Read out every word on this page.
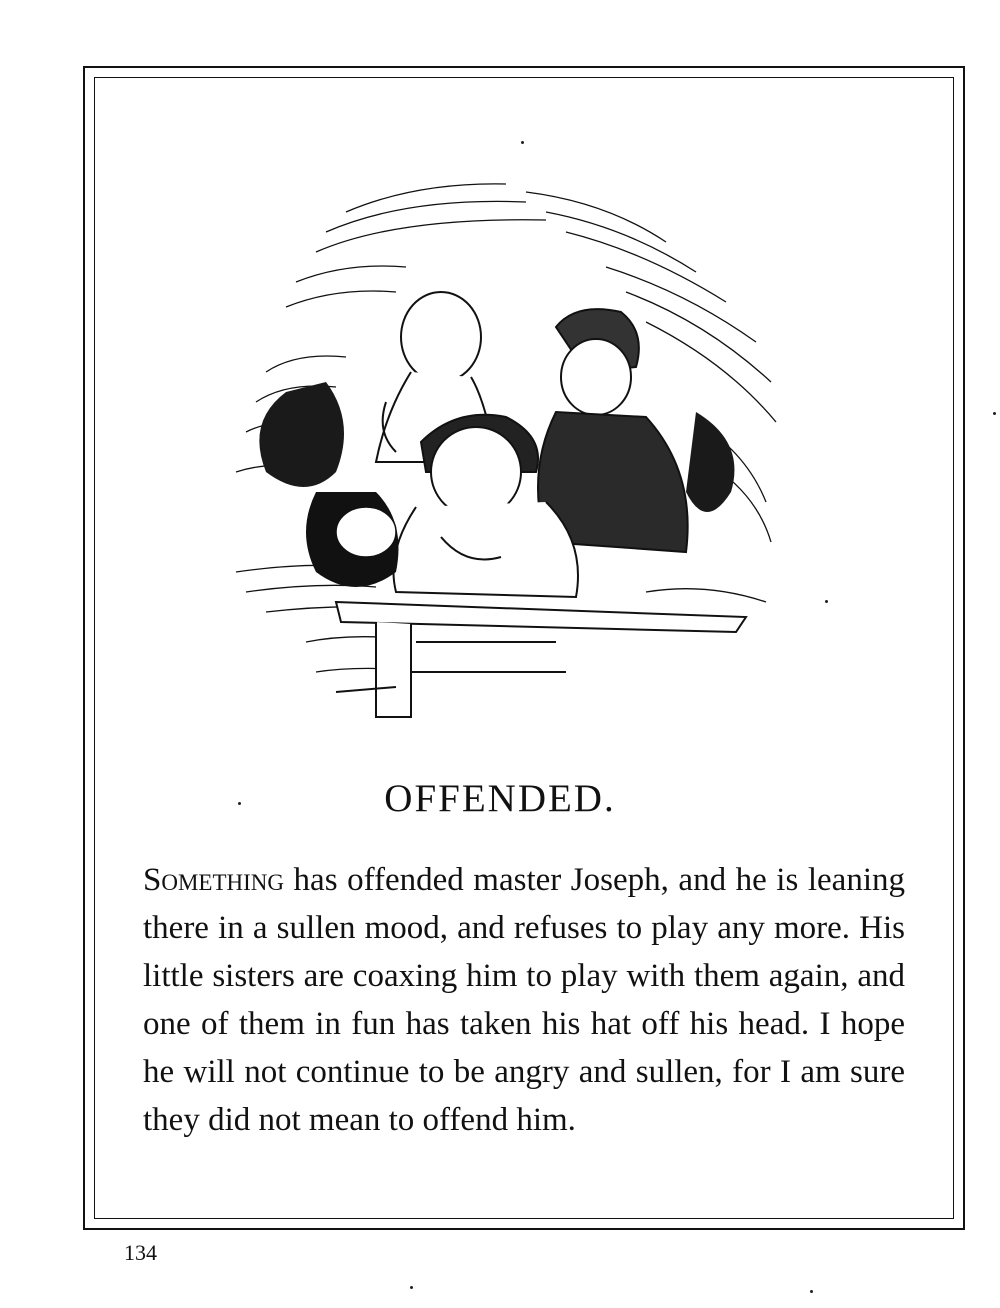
OFFENDED.

Something has offended master Joseph, and he is leaning there in a sullen mood, and refuses to play any more. His little sisters are coaxing him to play with them again, and one of them in fun has taken his hat off his head. I hope he will not continue to be angry and sullen, for I am sure they did not mean to offend him.

134
